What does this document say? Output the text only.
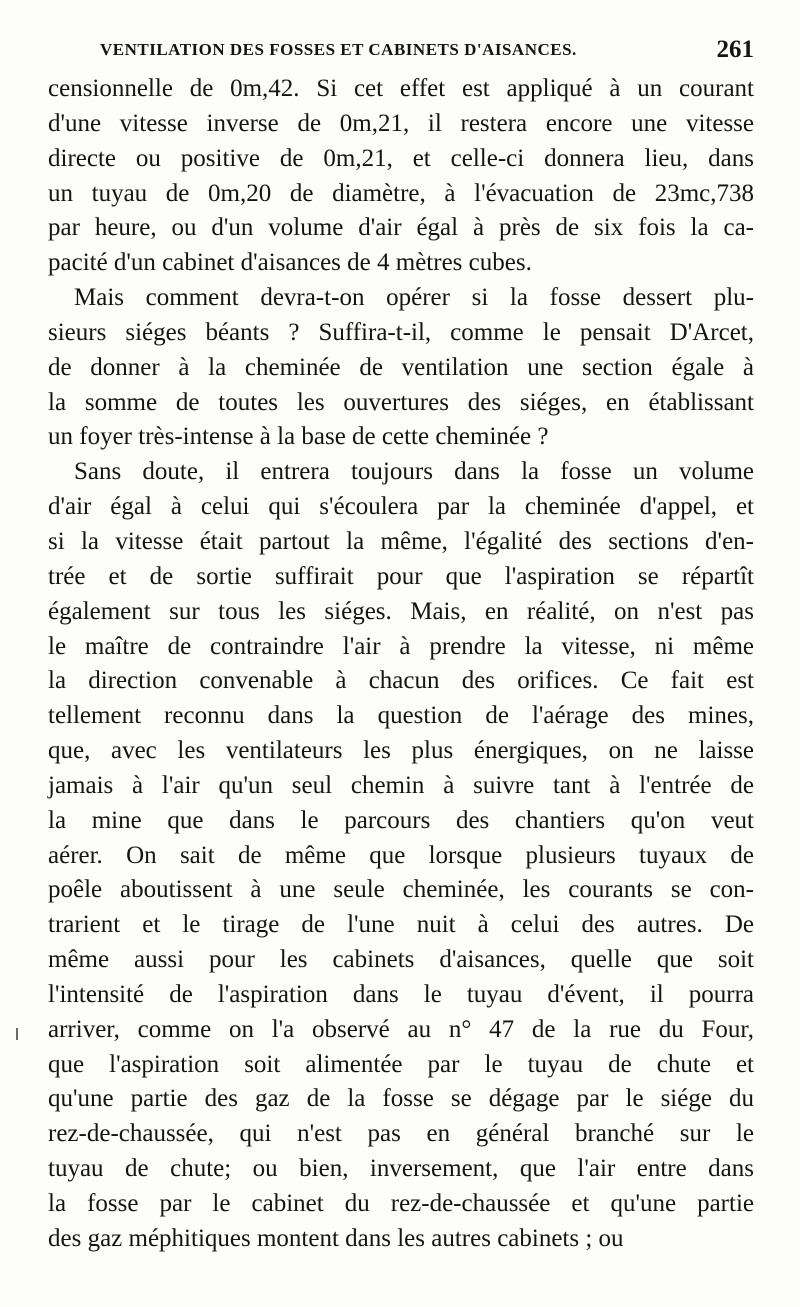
VENTILATION DES FOSSES ET CABINETS D'AISANCES.	261
censionnelle de 0m,42. Si cet effet est appliqué à un courant
d'une vitesse inverse de 0m,21, il restera encore une vitesse
directe ou positive de 0m,21, et celle-ci donnera lieu, dans
un tuyau de 0m,20 de diamètre, à l'évacuation de 23mc,738
par heure, ou d'un volume d'air égal à près de six fois la ca-
pacité d'un cabinet d'aisances de 4 mètres cubes.
Mais comment devra-t-on opérer si la fosse dessert plu-
sieurs siéges béants ? Suffira-t-il, comme le pensait D'Arcet,
de donner à la cheminée de ventilation une section égale à
la somme de toutes les ouvertures des siéges, en établissant
un foyer très-intense à la base de cette cheminée ?
Sans doute, il entrera toujours dans la fosse un volume
d'air égal à celui qui s'écoulera par la cheminée d'appel, et
si la vitesse était partout la même, l'égalité des sections d'en-
trée et de sortie suffirait pour que l'aspiration se répartît
également sur tous les siéges. Mais, en réalité, on n'est pas
le maître de contraindre l'air à prendre la vitesse, ni même
la direction convenable à chacun des orifices. Ce fait est
tellement reconnu dans la question de l'aérage des mines,
que, avec les ventilateurs les plus énergiques, on ne laisse
jamais à l'air qu'un seul chemin à suivre tant à l'entrée de
la mine que dans le parcours des chantiers qu'on veut
aérer. On sait de même que lorsque plusieurs tuyaux de
poêle aboutissent à une seule cheminée, les courants se con-
trarient et le tirage de l'une nuit à celui des autres. De
même aussi pour les cabinets d'aisances, quelle que soit
l'intensité de l'aspiration dans le tuyau d'évent, il pourra
arriver, comme on l'a observé au n° 47 de la rue du Four,
que l'aspiration soit alimentée par le tuyau de chute et
qu'une partie des gaz de la fosse se dégage par le siége du
rez-de-chaussée, qui n'est pas en général branché sur le
tuyau de chute; ou bien, inversement, que l'air entre dans
la fosse par le cabinet du rez-de-chaussée et qu'une partie
des gaz méphitiques montent dans les autres cabinets ; ou
